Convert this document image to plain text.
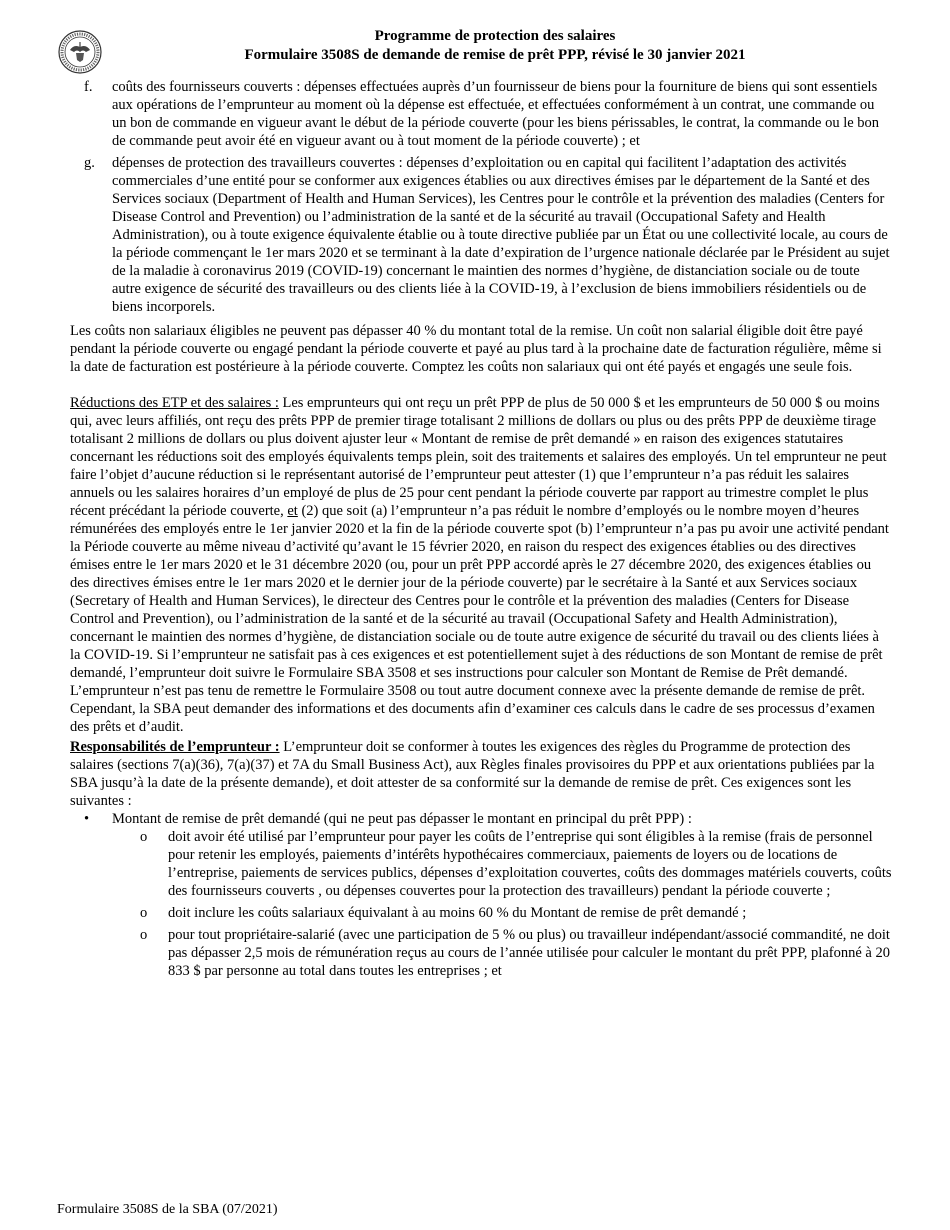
Programme de protection des salaires
Formulaire 3508S de demande de remise de prêt PPP, révisé le 30 janvier 2021
f. coûts des fournisseurs couverts : dépenses effectuées auprès d’un fournisseur de biens pour la fourniture de biens qui sont essentiels aux opérations de l’emprunteur au moment où la dépense est effectuée, et effectuées conformément à un contrat, une commande ou un bon de commande en vigueur avant le début de la période couverte (pour les biens périssables, le contrat, la commande ou le bon de commande peut avoir été en vigueur avant ou à tout moment de la période couverte) ; et
g. dépenses de protection des travailleurs couvertes : dépenses d’exploitation ou en capital qui facilitent l’adaptation des activités commerciales d’une entité pour se conformer aux exigences établies ou aux directives émises par le département de la Santé et des Services sociaux (Department of Health and Human Services), les Centres pour le contrôle et la prévention des maladies (Centers for Disease Control and Prevention) ou l’administration de la santé et de la sécurité au travail (Occupational Safety and Health Administration), ou à toute exigence équivalente établie ou à toute directive publiée par un État ou une collectivité locale, au cours de la période commençant le 1er mars 2020 et se terminant à la date d’expiration de l’urgence nationale déclarée par le Président au sujet de la maladie à coronavirus 2019 (COVID-19) concernant le maintien des normes d’hygiène, de distanciation sociale ou de toute autre exigence de sécurité des travailleurs ou des clients liée à la COVID-19, à l’exclusion de biens immobiliers résidentiels ou de biens incorporels.

Les coûts non salariaux éligibles ne peuvent pas dépasser 40 % du montant total de la remise. Un coût non salarial éligible doit être payé pendant la période couverte ou engagé pendant la période couverte et payé au plus tard à la prochaine date de facturation régulière, même si la date de facturation est postérieure à la période couverte. Comptez les coûts non salariaux qui ont été payés et engagés une seule fois.

Réductions des ETP et des salaires : Les emprunteurs qui ont reçu un prêt PPP de plus de 50 000 $ et les emprunteurs de 50 000 $ ou moins qui, avec leurs affiliés, ont reçu des prêts PPP de premier tirage totalisant 2 millions de dollars ou plus ou des prêts PPP de deuxième tirage totalisant 2 millions de dollars ou plus doivent ajuster leur « Montant de remise de prêt demandé » en raison des exigences statutaires concernant les réductions soit des employés équivalents temps plein, soit des traitements et salaires des employés. Un tel emprunteur ne peut faire l’objet d’aucune réduction si le représentant autorisé de l’emprunteur peut attester (1) que l’emprunteur n’a pas réduit les salaires annuels ou les salaires horaires d’un employé de plus de 25 pour cent pendant la période couverte par rapport au trimestre complet le plus récent précédant la période couverte, et (2) que soit (a) l’emprunteur n’a pas réduit le nombre d’employés ou le nombre moyen d’heures rémunérées des employés entre le 1er janvier 2020 et la fin de la période couverte spot (b) l’emprunteur n’a pas pu avoir une activité pendant la Période couverte au même niveau d’activité qu’avant le 15 février 2020, en raison du respect des exigences établies ou des directives émises entre le 1er mars 2020 et le 31 décembre 2020 (ou, pour un prêt PPP accordé après le 27 décembre 2020, des exigences établies ou des directives émises entre le 1er mars 2020 et le dernier jour de la période couverte) par le secrétaire à la Santé et aux Services sociaux (Secretary of Health and Human Services), le directeur des Centres pour le contrôle et la prévention des maladies (Centers for Disease Control and Prevention), ou l’administration de la santé et de la sécurité au travail (Occupational Safety and Health Administration), concernant le maintien des normes d’hygiène, de distanciation sociale ou de toute autre exigence de sécurité du travail ou des clients liées à la COVID-19. Si l’emprunteur ne satisfait pas à ces exigences et est potentiellement sujet à des réductions de son Montant de remise de prêt demandé, l’emprunteur doit suivre le Formulaire SBA 3508 et ses instructions pour calculer son Montant de Remise de Prêt demandé. L’emprunteur n’est pas tenu de remettre le Formulaire 3508 ou tout autre document connexe avec la présente demande de remise de prêt. Cependant, la SBA peut demander des informations et des documents afin d’examiner ces calculs dans le cadre de ses processus d’examen des prêts et d’audit.

Responsabilités de l’emprunteur : L’emprunteur doit se conformer à toutes les exigences des règles du Programme de protection des salaires (sections 7(a)(36), 7(a)(37) et 7A du Small Business Act), aux Règles finales provisoires du PPP et aux orientations publiées par la SBA jusqu’à la date de la présente demande), et doit attester de sa conformité sur la demande de remise de prêt. Ces exigences sont les suivantes :

• Montant de remise de prêt demandé (qui ne peut pas dépasser le montant en principal du prêt PPP) :
o doit avoir été utilisé par l’emprunteur pour payer les coûts de l’entreprise qui sont éligibles à la remise (frais de personnel pour retenir les employés, paiements d’intérêts hypothécaires commerciaux, paiements de loyers ou de locations de l’entreprise, paiements de services publics, dépenses d’exploitation couvertes, coûts des dommages matériels couverts, coûts des fournisseurs couverts , ou dépenses couvertes pour la protection des travailleurs) pendant la période couverte ;
o doit inclure les coûts salariaux équivalant à au moins 60 % du Montant de remise de prêt demandé ;
o pour tout propriétaire-salarié (avec une participation de 5 % ou plus) ou travailleur indépendant/associé commandité, ne doit pas dépasser 2,5 mois de rémunération reçus au cours de l’année utilisée pour calculer le montant du prêt PPP, plafonné à 20 833 $ par personne au total dans toutes les entreprises ; et
Formulaire 3508S de la SBA (07/2021)
